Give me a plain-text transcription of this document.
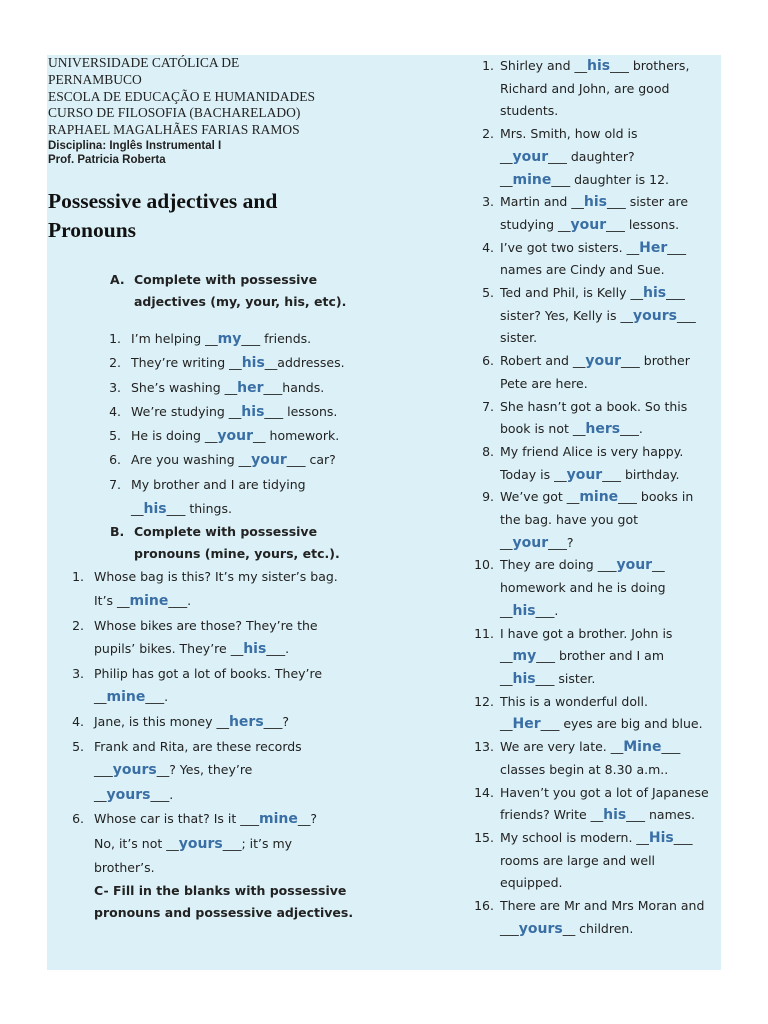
UNIVERSIDADE CATÓLICA DE
PERNAMBUCO
ESCOLA DE EDUCAÇÃO E HUMANIDADES
CURSO DE FILOSOFIA (BACHARELADO)
RAPHAEL MAGALHÃES FARIAS RAMOS
Disciplina: Inglês Instrumental I
Prof. Patricia Roberta
Possessive adjectives and
Pronouns
A. Complete with possessive
adjectives (my, your, his, etc).
1. I’m helping __my___ friends.
2. They’re writing __his__addresses.
3. She’s washing __her___hands.
4. We’re studying __his___ lessons.
5. He is doing __your__ homework.
6. Are you washing __your___ car?
7. My brother and I are tidying
__his___ things.
B. Complete with possessive
pronouns (mine, yours, etc.).
1. Whose bag is this? It’s my sister’s bag.
It’s __mine___.
2. Whose bikes are those? They’re the
pupils’ bikes. They’re __his___.
3. Philip has got a lot of books. They’re
__mine___.
4. Jane, is this money __hers___?
5. Frank and Rita, are these records
___yours__? Yes, they’re
__yours___.
6. Whose car is that? Is it ___mine__?
No, it’s not __yours___; it’s my
brother’s.
C- Fill in the blanks with possessive
pronouns and possessive adjectives.
1. Shirley and __his___ brothers,
Richard and John, are good
students.
2. Mrs. Smith, how old is
__your___ daughter?
__mine___ daughter is 12.
3. Martin and __his___ sister are
studying __your___ lessons.
4. I’ve got two sisters. __Her___
names are Cindy and Sue.
5. Ted and Phil, is Kelly __his___
sister? Yes, Kelly is __yours___
sister.
6. Robert and __your___ brother
Pete are here.
7. She hasn’t got a book. So this
book is not __hers___.
8. My friend Alice is very happy.
Today is __your___ birthday.
9. We’ve got __mine___ books in
the bag. have you got
__your___?
10. They are doing ___your__
homework and he is doing
__his___.
11. I have got a brother. John is
__my___ brother and I am
__his___ sister.
12. This is a wonderful doll.
__Her___ eyes are big and blue.
13. We are very late. __Mine___
classes begin at 8.30 a.m..
14. Haven’t you got a lot of Japanese
friends? Write __his___ names.
15. My school is modern. __His___
rooms are large and well
equipped.
16. There are Mr and Mrs Moran and
___yours__ children.
